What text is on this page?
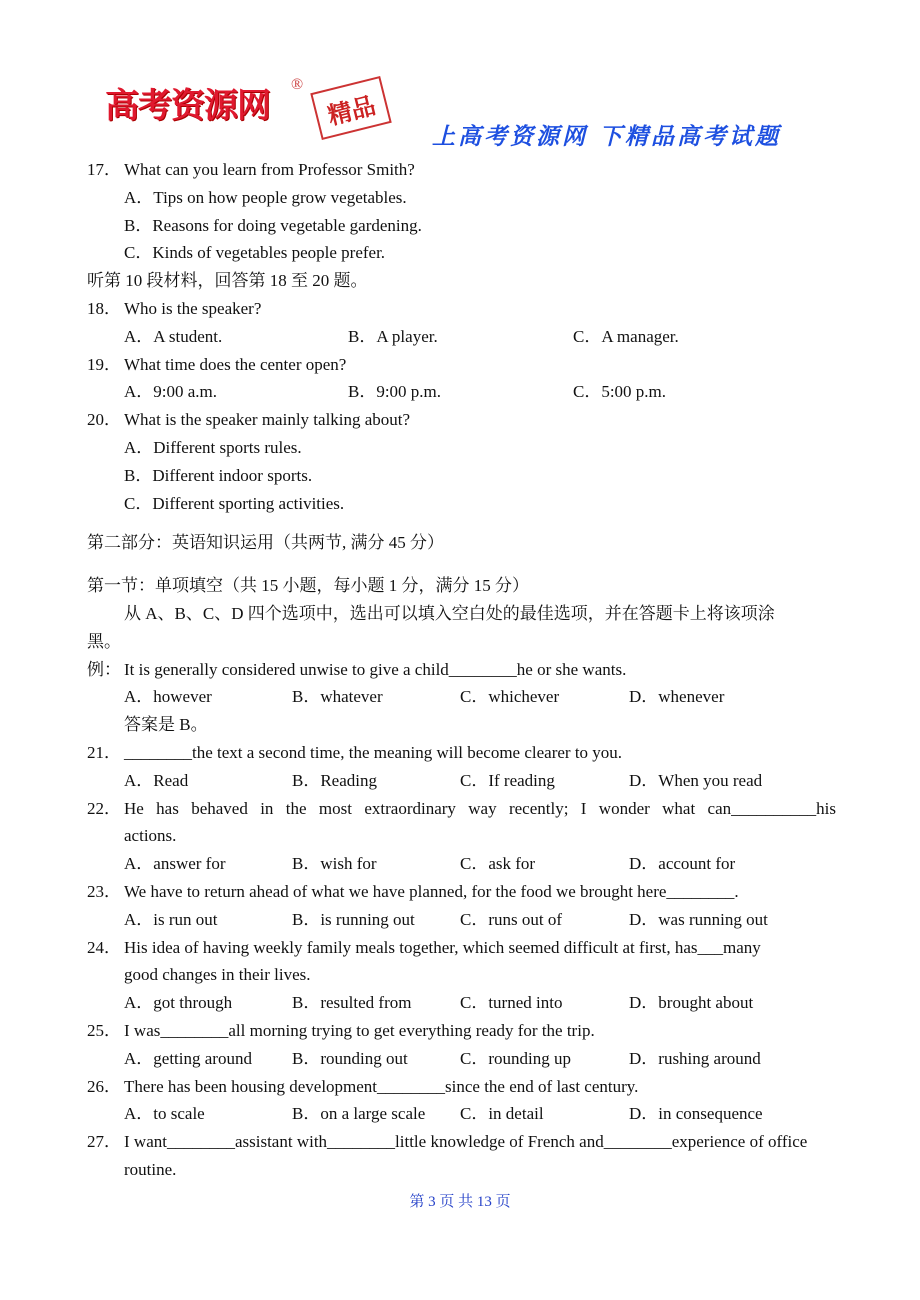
高考资源网
®
精品
上高考资源网 下精品高考试题
17． What can you learn from Professor Smith?
A．Tips on how people grow vegetables.
B．Reasons for doing vegetable gardening.
C．Kinds of vegetables people prefer.
听第 10 段材料，回答第 18 至 20 题。
18． Who is the speaker?
A．A student.	B．A player.	C．A manager.
19． What time does the center open?
A．9:00 a.m.	B．9:00 p.m.	C．5:00 p.m.
20． What is the speaker mainly talking about?
A．Different sports rules.
B．Different indoor sports.
C．Different sporting activities.
第二部分：英语知识运用（共两节, 满分 45 分）
第一节：单项填空（共 15 小题，每小题 1 分，满分 15 分）
从 A、B、C、D 四个选项中，选出可以填入空白处的最佳选项，并在答题卡上将该项涂
黑。
例： It is generally considered unwise to give a child________he or she wants.
A．however	B．whatever	C．whichever	D．whenever
答案是 B。
21． ________the text a second time, the meaning will become clearer to you.
A．Read	B．Reading	C．If reading	D．When you read
22． He has behaved in the most extraordinary way recently; I wonder what can__________his
actions.
A．answer for	B．wish for	C．ask for	D．account for
23． We have to return ahead of what we have planned, for the food we brought here________.
A．is run out	B．is running out	C．runs out of	D．was running out
24． His idea of having weekly family meals together, which seemed difficult at first, has___many
good changes in their lives.
A．got through	B．resulted from	C．turned into	D．brought about
25． I was________all morning trying to get everything ready for the trip.
A．getting around B．rounding out	C．rounding up	D．rushing around
26． There has been housing development________since the end of last century.
A．to scale	B．on a large scale C．in detail	D．in consequence
27． I want________assistant with________little knowledge of French and________experience of office
routine.
第 3 页 共 13 页
